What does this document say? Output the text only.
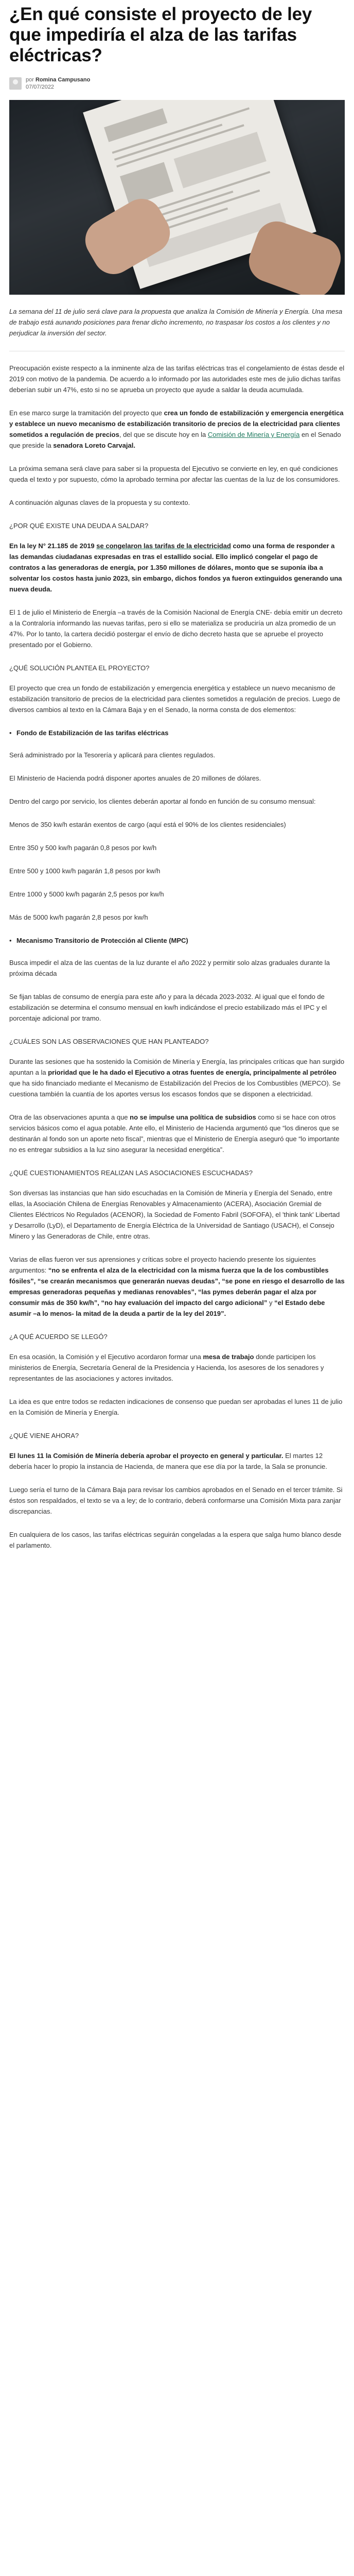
¿En qué consiste el proyecto de ley que impediría el alza de las tarifas eléctricas?
por Romina Campusano
07/07/2022
La semana del 11 de julio será clave para la propuesta que analiza la Comisión de Minería y Energía. Una mesa de trabajo está aunando posiciones para frenar dicho incremento, no traspasar los costos a los clientes y no perjudicar la inversión del sector.

Preocupación existe respecto a la inminente alza de las tarifas eléctricas tras el congelamiento de éstas desde el 2019 con motivo de la pandemia. De acuerdo a lo informado por las autoridades este mes de julio dichas tarifas deberían subir un 47%, esto si no se aprueba un proyecto que ayude a saldar la deuda acumulada.

En ese marco surge la tramitación del proyecto que crea un fondo de estabilización y emergencia energética y establece un nuevo mecanismo de estabilización transitorio de precios de la electricidad para clientes sometidos a regulación de precios, del que se discute hoy en la Comisión de Minería y Energía en el Senado que preside la senadora Loreto Carvajal.

La próxima semana será clave para saber si la propuesta del Ejecutivo se convierte en ley, en qué condiciones queda el texto y por supuesto, cómo la aprobado termina por afectar las cuentas de la luz de los consumidores.

A continuación algunas claves de la propuesta y su contexto.

¿POR QUÉ EXISTE UNA DEUDA A SALDAR?

En la ley N° 21.185 de 2019 se congelaron las tarifas de la electricidad como una forma de responder a las demandas ciudadanas expresadas en tras el estallido social. Ello implicó congelar el pago de contratos a las generadoras de energía, por 1.350 millones de dólares, monto que se suponía iba a solventar los costos hasta junio 2023, sin embargo, dichos fondos ya fueron extinguidos generando una nueva deuda.

El 1 de julio el Ministerio de Energía –a través de la Comisión Nacional de Energía CNE- debía emitir un decreto a la Contraloría informando las nuevas tarifas, pero si ello se materializa se produciría un alza promedio de un 47%. Por lo tanto, la cartera decidió postergar el envío de dicho decreto hasta que se apruebe el proyecto presentado por el Gobierno.

¿QUÉ SOLUCIÓN PLANTEA EL PROYECTO?

El proyecto que crea un fondo de estabilización y emergencia energética y establece un nuevo mecanismo de estabilización transitorio de precios de la electricidad para clientes sometidos a regulación de precios. Luego de diversos cambios al texto en la Cámara Baja y en el Senado, la norma consta de dos elementos:

• Fondo de Estabilización de las tarifas eléctricas

Será administrado por la Tesorería y aplicará para clientes regulados.

El Ministerio de Hacienda podrá disponer aportes anuales de 20 millones de dólares.

Dentro del cargo por servicio, los clientes deberán aportar al fondo en función de su consumo mensual:

Menos de 350 kw/h estarán exentos de cargo (aquí está el 90% de los clientes residenciales)

Entre 350 y 500 kw/h pagarán 0,8 pesos por kw/h

Entre 500 y 1000 kw/h pagarán 1,8 pesos por kw/h

Entre 1000 y 5000 kw/h pagarán 2,5 pesos por kw/h

Más de 5000 kw/h pagarán 2,8 pesos por kw/h

• Mecanismo Transitorio de Protección al Cliente (MPC)

Busca impedir el alza de las cuentas de la luz durante el año 2022 y permitir solo alzas graduales durante la próxima década

Se fijan tablas de consumo de energía para este año y para la década 2023-2032. Al igual que el fondo de estabilización se determina el consumo mensual en kw/h indicándose el precio estabilizado más el IPC y el porcentaje adicional por tramo.

¿CUÁLES SON LAS OBSERVACIONES QUE HAN PLANTEADO?

Durante las sesiones que ha sostenido la Comisión de Minería y Energía, las principales críticas que han surgido apuntan a la prioridad que le ha dado el Ejecutivo a otras fuentes de energía, principalmente al petróleo que ha sido financiado mediante el Mecanismo de Estabilización del Precios de los Combustibles (MEPCO). Se cuestiona también la cuantía de los aportes versus los escasos fondos que se disponen a electricidad.

Otra de las observaciones apunta a que no se impulse una política de subsidios como si se hace con otros servicios básicos como el agua potable. Ante ello, el Ministerio de Hacienda argumentó que “los dineros que se destinarán al fondo son un aporte neto fiscal”, mientras que el Ministerio de Energía aseguró que “lo importante no es entregar subsidios a la luz sino asegurar la necesidad energética”.

¿QUÉ CUESTIONAMIENTOS REALIZAN LAS ASOCIACIONES ESCUCHADAS?

Son diversas las instancias que han sido escuchadas en la Comisión de Minería y Energía del Senado, entre ellas, la Asociación Chilena de Energías Renovables y Almacenamiento (ACERA), Asociación Gremial de Clientes Eléctricos No Regulados (ACENOR), la Sociedad de Fomento Fabril (SOFOFA), el 'think tank' Libertad y Desarrollo (LyD), el Departamento de Energía Eléctrica de la Universidad de Santiago (USACH), el Consejo Minero y las Generadoras de Chile, entre otras.

Varias de ellas fueron ver sus aprensiones y críticas sobre el proyecto haciendo presente los siguientes argumentos: “no se enfrenta el alza de la electricidad con la misma fuerza que la de los combustibles fósiles”, “se crearán mecanismos que generarán nuevas deudas”, “se pone en riesgo el desarrollo de las empresas generadoras pequeñas y medianas renovables”, “las pymes deberán pagar el alza por consumir más de 350 kw/h”, “no hay evaluación del impacto del cargo adicional” y “el Estado debe asumir –a lo menos- la mitad de la deuda a partir de la ley del 2019”.

¿A QUÉ ACUERDO SE LLEGÓ?

En esa ocasión, la Comisión y el Ejecutivo acordaron formar una mesa de trabajo donde participen los ministerios de Energía, Secretaría General de la Presidencia y Hacienda, los asesores de los senadores y representantes de las asociaciones y actores invitados.

La idea es que entre todos se redacten indicaciones de consenso que puedan ser aprobadas el lunes 11 de julio en la Comisión de Minería y Energía.

¿QUÉ VIENE AHORA?

El lunes 11 la Comisión de Minería debería aprobar el proyecto en general y particular. El martes 12 debería hacer lo propio la instancia de Hacienda, de manera que ese día por la tarde, la Sala se pronuncie.

Luego sería el turno de la Cámara Baja para revisar los cambios aprobados en el Senado en el tercer trámite. Si éstos son respaldados, el texto se va a ley; de lo contrario, deberá conformarse una Comisión Mixta para zanjar discrepancias.

En cualquiera de los casos, las tarifas eléctricas seguirán congeladas a la espera que salga humo blanco desde el parlamento.
